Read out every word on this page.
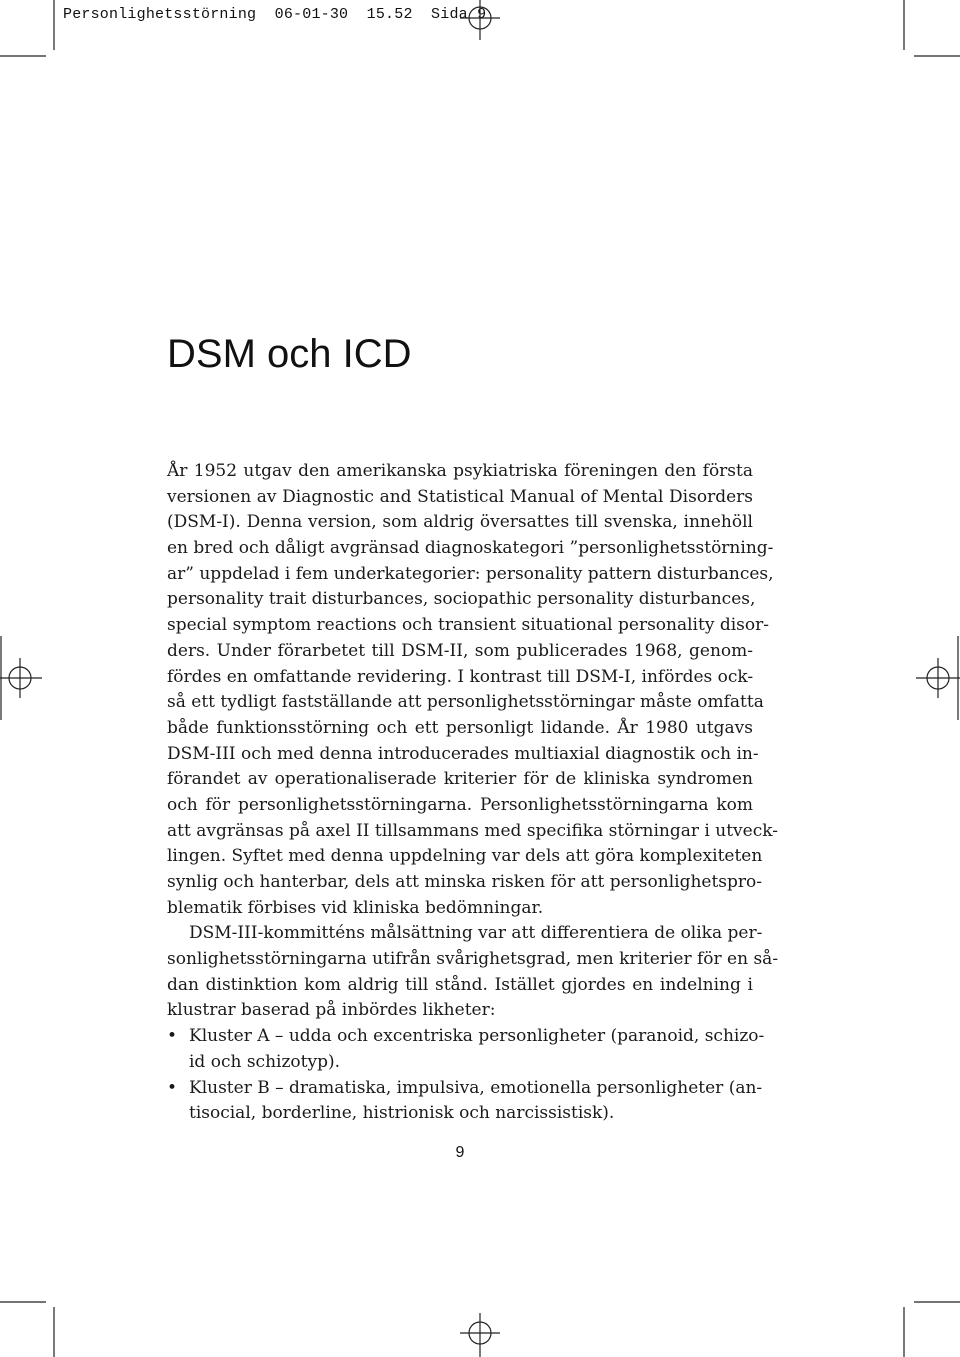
Personlighetsstörning  06-01-30  15.52  Sida 9
DSM och ICD
År 1952 utgav den amerikanska psykiatriska föreningen den första
versionen av Diagnostic and Statistical Manual of Mental Disorders
(DSM-I). Denna version, som aldrig översattes till svenska, innehöll
en bred och dåligt avgränsad diagnoskategori ”personlighetsstörning-
ar” uppdelad i fem underkategorier: personality pattern disturbances,
personality trait disturbances, sociopathic personality disturbances,
special symptom reactions och transient situational personality disor-
ders. Under förarbetet till DSM-II, som publicerades 1968, genom-
fördes en omfattande revidering. I kontrast till DSM-I, infördes ock-
så ett tydligt fastställande att personlighetsstörningar måste omfatta
både funktionsstörning och ett personligt lidande. År 1980 utgavs
DSM-III och med denna introducerades multiaxial diagnostik och in-
förandet av operationaliserade kriterier för de kliniska syndromen
och för personlighetsstörningarna. Personlighetsstörningarna kom
att avgränsas på axel II tillsammans med specifika störningar i utveck-
lingen. Syftet med denna uppdelning var dels att göra komplexiteten
synlig och hanterbar, dels att minska risken för att personlighetspro-
blematik förbises vid kliniska bedömningar.
DSM-III-kommitténs målsättning var att differentiera de olika per-
sonlighetsstörningarna utifrån svårighetsgrad, men kriterier för en så-
dan distinktion kom aldrig till stånd. Istället gjordes en indelning i
klustrar baserad på inbördes likheter:
• Kluster A – udda och excentriska personligheter (paranoid, schizo-
id och schizotyp).
• Kluster B – dramatiska, impulsiva, emotionella personligheter (an-
tisocial, borderline, histrionisk och narcissistisk).
9
